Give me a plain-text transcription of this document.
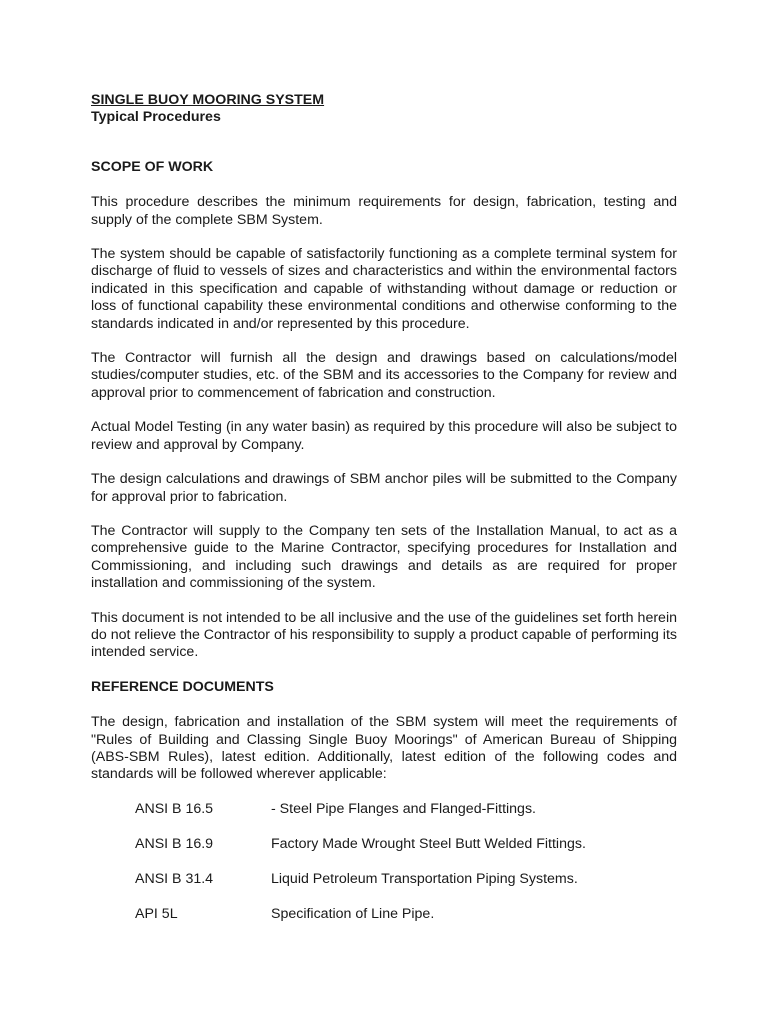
SINGLE BUOY MOORING SYSTEM
Typical Procedures
SCOPE OF WORK

This procedure describes the minimum requirements for design, fabrication, testing and supply of the complete SBM System.

The system should be capable of satisfactorily functioning as a complete terminal system for discharge of fluid to vessels of sizes and characteristics and within the environmental factors indicated in this specification and capable of withstanding without damage or reduction or loss of functional capability these environmental conditions and otherwise conforming to the standards indicated in and/or represented by this procedure.

The Contractor will furnish all the design and drawings based on calculations/model studies/computer studies, etc. of the SBM and its accessories to the Company for review and approval prior to commencement of fabrication and construction.

Actual Model Testing (in any water basin) as required by this procedure will also be subject to review and approval by Company.

The design calculations and drawings of SBM anchor piles will be submitted to the Company for approval prior to fabrication.

The Contractor will supply to the Company ten sets of the Installation Manual, to act as a comprehensive guide to the Marine Contractor, specifying procedures for Installation and Commissioning, and including such drawings and details as are required for proper installation and commissioning of the system.

This document is not intended to be all inclusive and the use of the guidelines set forth herein do not relieve the Contractor of his responsibility to supply a product capable of performing its intended service.

REFERENCE DOCUMENTS

The design, fabrication and installation of the SBM system will meet the requirements of "Rules of Building and Classing Single Buoy Moorings" of American Bureau of Shipping (ABS-SBM Rules), latest edition. Additionally, latest edition of the following codes and standards will be followed wherever applicable:

ANSI B 16.5	- Steel Pipe Flanges and Flanged-Fittings.
ANSI B 16.9	Factory Made Wrought Steel Butt Welded Fittings.
ANSI B 31.4	Liquid Petroleum Transportation Piping Systems.
API 5L	Specification of Line Pipe.
